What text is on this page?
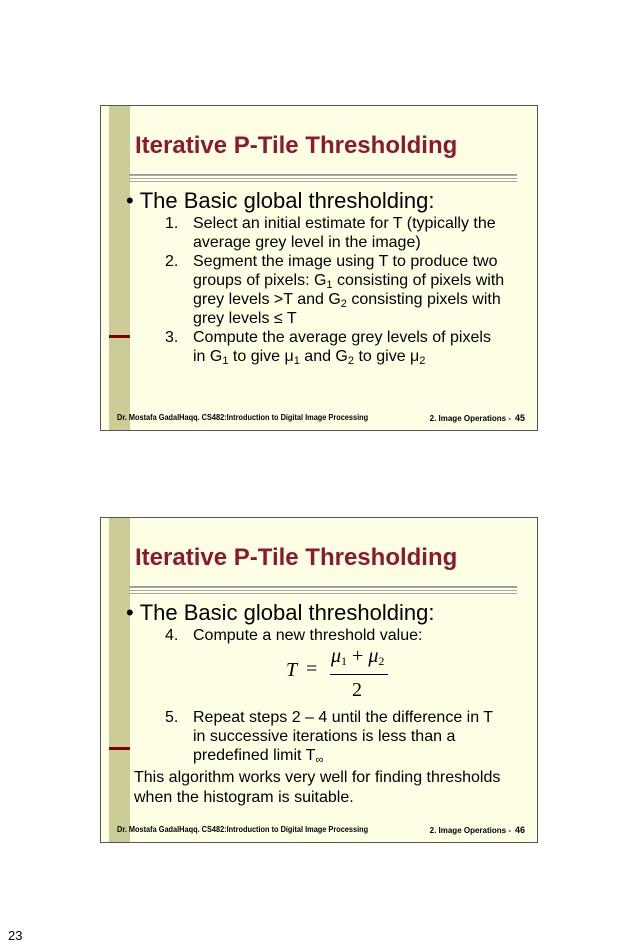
Iterative P-Tile Thresholding
• The Basic global thresholding:
1. Select an initial estimate for T (typically the
average grey level in the image)
2. Segment the image using T to produce two
groups of pixels: $G_1$ consisting of pixels with
grey levels >T and $G_2$ consisting pixels with
grey levels ≤ T
3. Compute the average grey levels of pixels
in $G_1$ to give $\mu_1$ and $G_2$ to give $\mu_2$
Dr. Mostafa GadalHaqq. CS482:Introduction to Digital Image Processing	2. Image Operations - 45
Iterative P-Tile Thresholding
• The Basic global thresholding:
4. Compute a new threshold value:
T =
$\mu_1 + \mu_2$
2
5. Repeat steps 2 – 4 until the difference in T
in successive iterations is less than a
predefined limit $T_\infty$
This algorithm works very well for finding thresholds
when the histogram is suitable.
Dr. Mostafa GadalHaqq. CS482:Introduction to Digital Image Processing	2. Image Operations - 46
23
